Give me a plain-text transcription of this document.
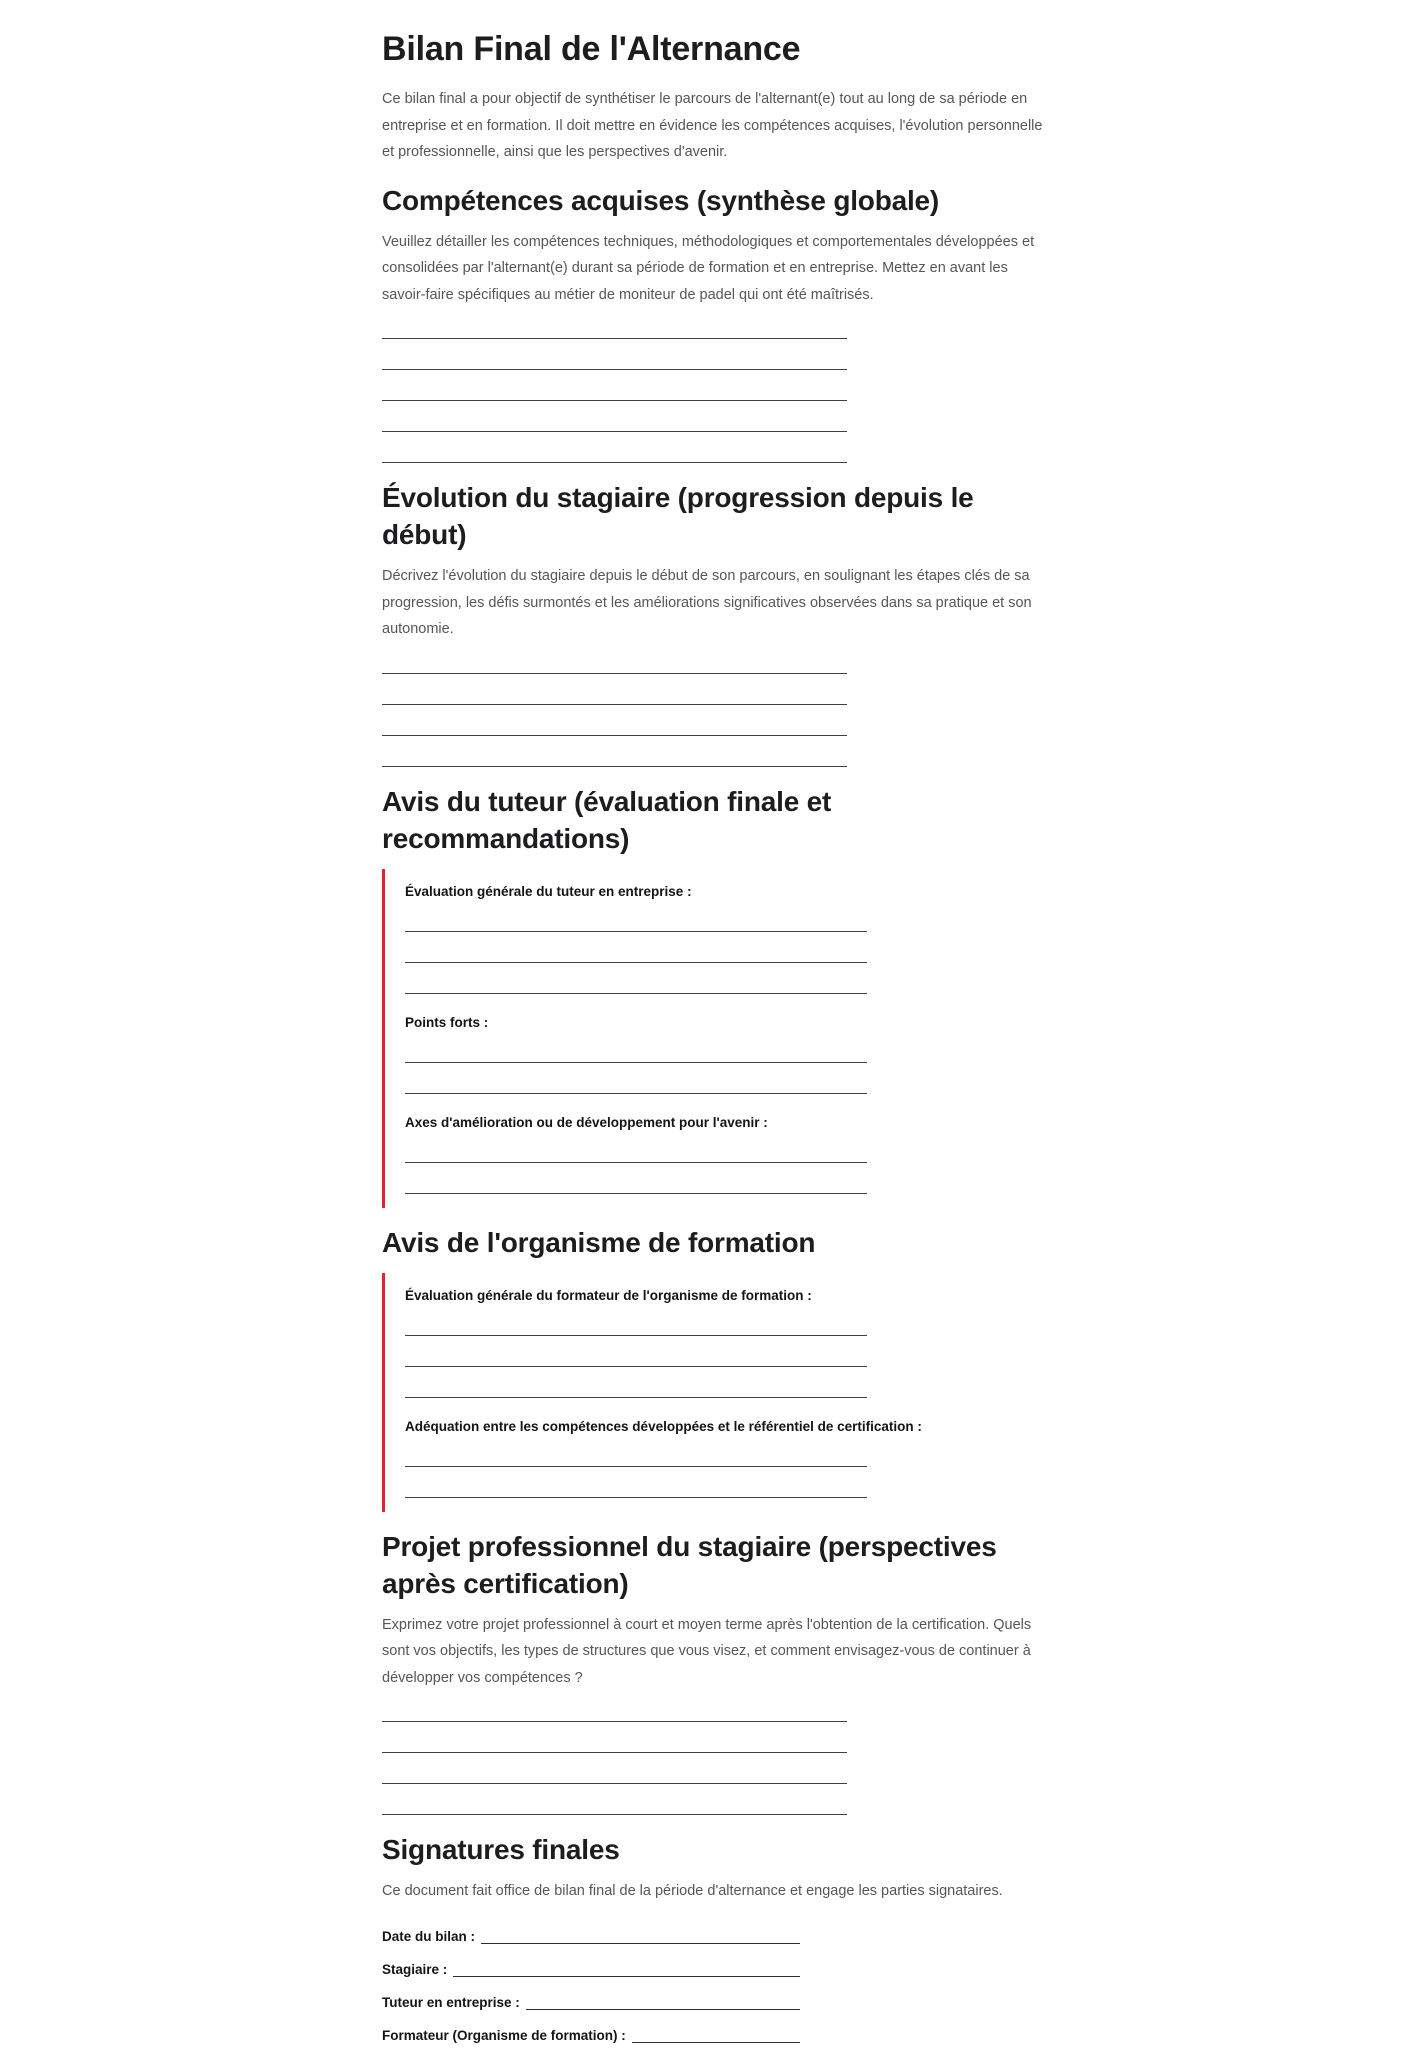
Bilan Final de l'Alternance

Ce bilan final a pour objectif de synthétiser le parcours de l'alternant(e) tout au long de sa période en entreprise et en formation. Il doit mettre en évidence les compétences acquises, l'évolution personnelle et professionnelle, ainsi que les perspectives d'avenir.

Compétences acquises (synthèse globale)

Veuillez détailler les compétences techniques, méthodologiques et comportementales développées et consolidées par l'alternant(e) durant sa période de formation et en entreprise. Mettez en avant les savoir-faire spécifiques au métier de moniteur de padel qui ont été maîtrisés.

Évolution du stagiaire (progression depuis le début)

Décrivez l'évolution du stagiaire depuis le début de son parcours, en soulignant les étapes clés de sa progression, les défis surmontés et les améliorations significatives observées dans sa pratique et son autonomie.

Avis du tuteur (évaluation finale et recommandations)
Évaluation générale du tuteur en entreprise :
Points forts :
Axes d'amélioration ou de développement pour l'avenir :
Avis de l'organisme de formation
Évaluation générale du formateur de l'organisme de formation :
Adéquation entre les compétences développées et le référentiel de certification :
Projet professionnel du stagiaire (perspectives après certification)

Exprimez votre projet professionnel à court et moyen terme après l'obtention de la certification. Quels sont vos objectifs, les types de structures que vous visez, et comment envisagez-vous de continuer à développer vos compétences ?

Signatures finales

Ce document fait office de bilan final de la période d'alternance et engage les parties signataires.

Date du bilan :
Stagiaire :
Tuteur en entreprise :
Formateur (Organisme de formation) :
